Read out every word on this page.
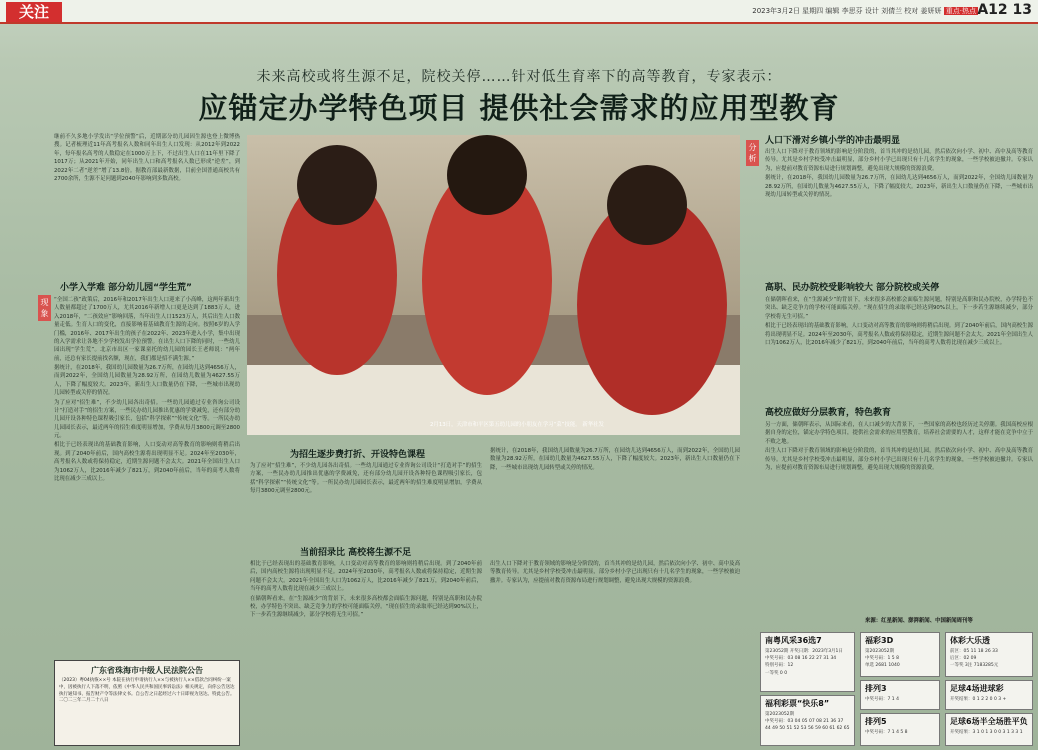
关注	2023年3月2日 星期四 编辑 李思芬 设计 刘倩兰 校对 姜妍妍 重点·热点 A12 13
未来高校或将生源不足，院校关停……针对低生育率下的高等教育，专家表示：
应锚定办学特色项目 提供社会需求的应用型教育

继前不久多地小学发出“学位预警”后，近期部分幼儿园因生源也登上微博热搜。记者梳理近11年高考报名人数和同年出生人口发现：从2012年到2022年，每年报名高考的人数稳定在1000万上下，不过出生人口在11年里下降了1017万；从2021年开始，同年出生人口和高考报名人数已形成“逆差”，到2022年二者“逆差”增了13.8倍。据教育部最新数据，目前全国普通高校共有2700余所，生源不足问题到2040年影响到多数高校。

现象
小学入学难 部分幼儿园“学生荒”

“全国二孩”政策后，2016年和2017年出生人口迎来了小高峰，这两年新出生人数量都超过了1700万人，尤其2016年新增人口更是达到了1883万人，进入2018年，“二孩效应”影响回落，当年出生人口1523万人，其后出生人口数量走低。生育人口的变化，直接影响着基础教育生源的走向。按照6岁的入学门槛，2016年、2017年出生的孩子在2022年、2023年进入小学，集中出现的入学需求让各地不少学校发出学位预警。在出生人口下降的同时，一些幼儿园出现“学生荒”。北京市出区一家课童托的幼儿园的园长王老师说：“两年前，还总有家长提前找名额，现在，我们都是招不满生源。”

据统计，在2018年，我国幼儿园数量为26.7万所，在园幼儿达到4656万人，而到2022年，全国幼儿园数量为28.92万所，在园幼儿数量为4627.55万人，下降了幅度较大。2023年，新出生人口数量仍在下降，一些城市出现幼儿园转型或关停的情况。

为了应对“招生难”，不少幼儿园各出奇招。一些幼儿园通过专业咨询公司设计“打造对手”的招生方案，一些民办幼儿园推出优惠的学费减免，还有部分幼儿园开设各种特色课程吸引家长，包括“科学探索”“传统文化”等。一所民办幼儿园园长表示，最近两年的招生难度明显增加，学费从每月3800元调至2800元。

相比于已经表现出的基础教育影响，人口变动对高等教育的影响则将稍后出现。到了2040年前后，国内高校生源将出现明显不足。2024年至2030年，高考报名人数或将保持稳定，近期生源问题不会太大。2021年全国出生人口为1062万人，比2016年减少了821万，到2040年前后，当年的高考人数将比现在减少三成以上。

2月13日，天津市和平区第五幼儿园的小朋友在学习“菜”技能。 新华社发
为招生逐步费打折、开设特色课程

为了应对“招生难”，不少幼儿园各出奇招。一些幼儿园通过专业咨询公司设计“打造对手”的招生方案，一些民办幼儿园推出优惠的学费减免，还有部分幼儿园开设各种特色课程吸引家长，包括“科学探索”“传统文化”等。一所民办幼儿园园长表示，最近两年的招生难度明显增加，学费从每月3800元调至2800元。

据统计，在2018年，我国幼儿园数量为26.7万所，在园幼儿达到4656万人，而到2022年，全国幼儿园数量为28.92万所，在园幼儿数量为4627.55万人，下降了幅度较大。2023年，新出生人口数量仍在下降，一些城市出现幼儿园转型或关停的情况。

当前招录比 高校将生源不足

相比于已经表现出的基础教育影响，人口变动对高等教育的影响则将稍后出现。到了2040年前后，国内高校生源将出现明显不足。2024年至2030年，高考报名人数或将保持稳定，近期生源问题不会太大。2021年全国出生人口为1062万人，比2016年减少了821万，到2040年前后，当年的高考人数将比现在减少三成以上。

在储朝晖看来，在“生源减少”的背景下，未来很多高校都会面临生源问题，特别是高职和民办院校，办学特色不突出、缺乏竞争力的学校可能面临关停。“现在招生的录取率已经达到90%以上，下一步若生源继续减少，部分学校将无生可招。”

出生人口下降对于教育领域的影响是分阶段的，首当其冲的是幼儿园，然后依次向小学、初中、高中及高等教育传导。尤其是乡村学校受冲击最明显，部分乡村小学已出现只有十几名学生的现象，一些学校被迫撤并。专家认为，应提前对教育资源布局进行规划调整，避免出现大规模的资源浪费。

分析
人口下滑对乡镇小学的冲击最明显

出生人口下降对于教育领域的影响是分阶段的，首当其冲的是幼儿园，然后依次向小学、初中、高中及高等教育传导。尤其是乡村学校受冲击最明显，部分乡村小学已出现只有十几名学生的现象，一些学校被迫撤并。专家认为，应提前对教育资源布局进行规划调整，避免出现大规模的资源浪费。

据统计，在2018年，我国幼儿园数量为26.7万所，在园幼儿达到4656万人，而到2022年，全国幼儿园数量为28.92万所，在园幼儿数量为4627.55万人，下降了幅度较大。2023年，新出生人口数量仍在下降，一些城市出现幼儿园转型或关停的情况。

高职、民办院校受影响较大 部分院校或关停

在储朝晖看来，在“生源减少”的背景下，未来很多高校都会面临生源问题，特别是高职和民办院校，办学特色不突出、缺乏竞争力的学校可能面临关停。“现在招生的录取率已经达到90%以上，下一步若生源继续减少，部分学校将无生可招。”

相比于已经表现出的基础教育影响，人口变动对高等教育的影响则将稍后出现。到了2040年前后，国内高校生源将出现明显不足。2024年至2030年，高考报名人数或将保持稳定，近期生源问题不会太大。2021年全国出生人口为1062万人，比2016年减少了821万，到2040年前后，当年的高考人数将比现在减少三成以上。

高校应做好分层教育，特色教育

另一方面，储朝晖表示，从国际来看，在人口减少的大背景下，一些国家的高校也经历过关停潮。我国高校应根据自身的定位，锚定办学特色项目，提供社会需求的应用型教育，培养社会需要的人才，这样才能在竞争中立于不败之地。

出生人口下降对于教育领域的影响是分阶段的，首当其冲的是幼儿园，然后依次向小学、初中、高中及高等教育传导。尤其是乡村学校受冲击最明显，部分乡村小学已出现只有十几名学生的现象，一些学校被迫撤并。专家认为，应提前对教育资源布局进行规划调整，避免出现大规模的资源浪费。

来源：红星新闻、澎湃新闻、中国新闻周刊等
广东省珠海市中级人民法院公告
（2023）粤04执恢××号 本院在执行申请执行人××与被执行人××借款合同纠纷一案中，因被执行人下落不明，依照《中华人民共和国民事诉讼法》相关规定，向你公告送达执行通知书、报告财产令等法律文书。自公告之日起经过六十日即视为送达。特此公告。二〇二三年二月二十八日
南粤风采36选7
第23052期 开奖日期：2023年3月1日
中奖号码：03 08 16 22 27 31 34
特别号码：12
一等奖 0 0
福彩3D
第2023052期
中奖号码：1 5 8
单选 2681 1040
排列3
中奖号码：7 1 4
排列5
中奖号码：7 1 4 5 8
体彩大乐透
前区：05 11 18 26 33
后区：02 09
一等奖 3注 7183285元
足球4场进球彩
开奖结果：0 1 2 2 0 0 3 +
足球6场半全场胜平负
开奖结果：3 1 0 1 3 0 0 3 1 3 3 1
福利彩票“快乐8”
第2023052期
中奖号码：03 04 05 07 08 21 36 37 44 49 50 51 52 53 56 59 60 61 62 65
